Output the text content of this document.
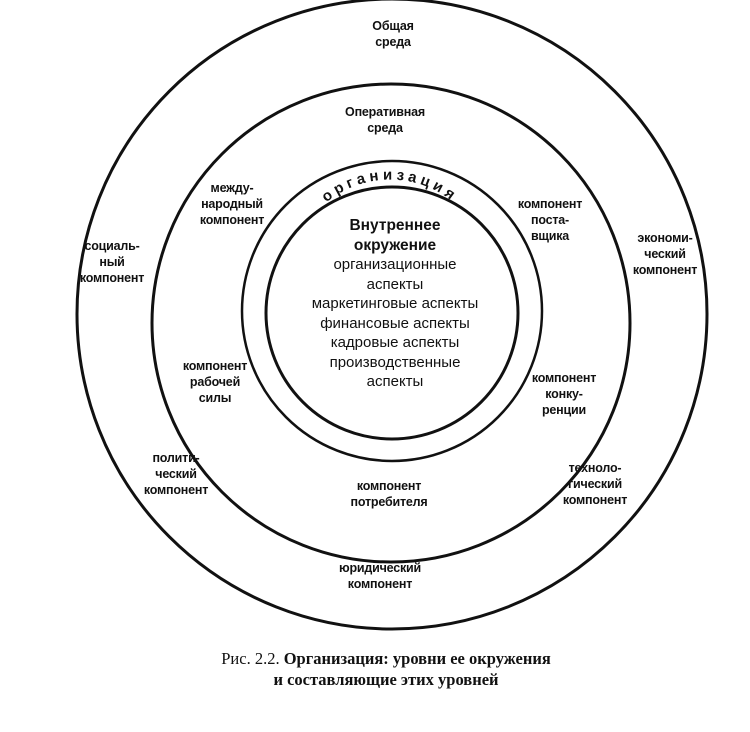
организация
Общая
среда
Оперативная
среда
социаль-
ный
компонент
экономи-
ческий
компонент
полити-
ческий
компонент
техноло-
гический
компонент
юридический
компонент
между-
народный
компонент
компонент
поста-
вщика
компонент
рабочей
силы
компонент
конку-
ренции
компонент
потребителя
Внутреннее
окружение
организационные
аспекты
маркетинговые аспекты
финансовые аспекты
кадровые аспекты
производственные
аспекты
Рис. 2.2. Организация: уровни ее окружения
и составляющие этих уровней
